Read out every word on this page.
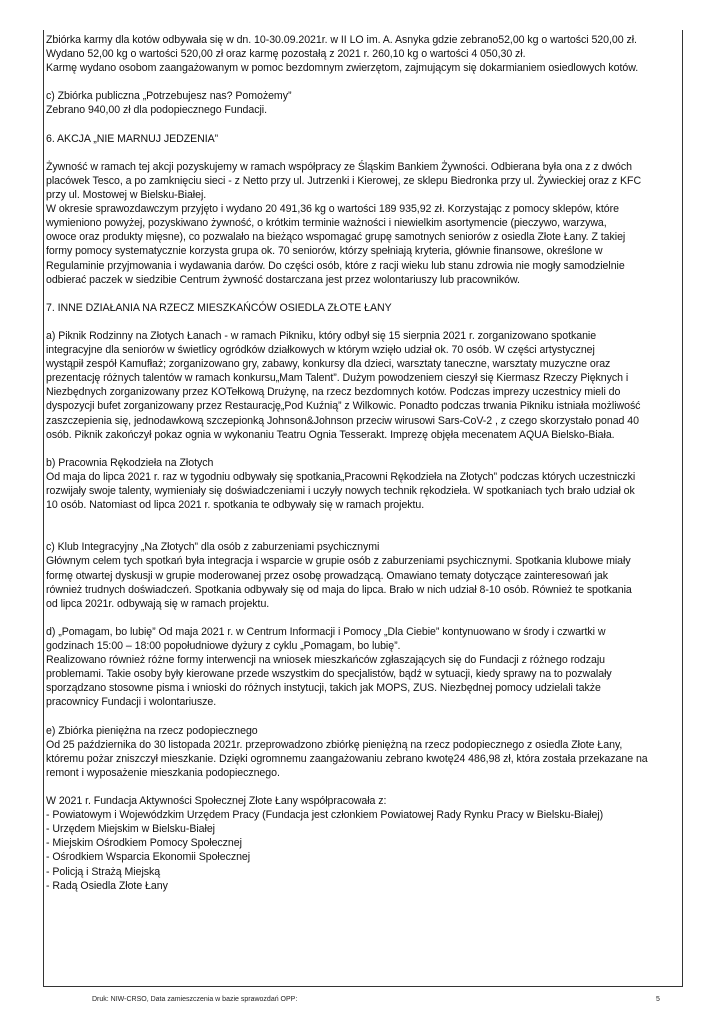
Zbiórka karmy dla kotów odbywała się w dn. 10-30.09.2021r. w II LO im. A. Asnyka gdzie zebrano52,00 kg o wartości 520,00 zł.

Wydano 52,00 kg o wartości 520,00 zł oraz karmę pozostałą z 2021 r. 260,10 kg o wartości 4 050,30 zł.

Karmę wydano osobom zaangażowanym w pomoc bezdomnym zwierzętom, zajmującym się dokarmianiem osiedlowych kotów.

c) Zbiórka publiczna „Potrzebujesz nas? Pomożemy”

Zebrano 940,00 zł dla podopiecznego Fundacji.

6. AKCJA „NIE MARNUJ JEDZENIA”

Żywność w ramach tej akcji pozyskujemy w ramach współpracy ze Śląskim Bankiem Żywności. Odbierana była ona z z dwóch

placówek Tesco, a po zamknięciu sieci - z Netto przy ul. Jutrzenki i Kierowej, ze sklepu Biedronka przy ul. Żywieckiej oraz z KFC

przy ul. Mostowej w Bielsku-Białej.

W okresie sprawozdawczym przyjęto i wydano 20 491,36 kg o wartości 189 935,92 zł. Korzystając z pomocy sklepów, które

wymieniono powyżej, pozyskiwano żywność, o krótkim terminie ważności i niewielkim asortymencie (pieczywo, warzywa,

owoce oraz produkty mięsne), co pozwalało na bieżąco wspomagać grupę samotnych seniorów z osiedla Złote Łany. Z takiej

formy pomocy systematycznie korzysta grupa ok. 70 seniorów, którzy spełniają kryteria, głównie finansowe, określone w

Regulaminie przyjmowania i wydawania darów. Do części osób, które z racji wieku lub stanu zdrowia nie mogły samodzielnie

odbierać paczek w siedzibie Centrum żywność dostarczana jest przez wolontariuszy lub pracowników.

7. INNE DZIAŁANIA NA RZECZ MIESZKAŃCÓW OSIEDLA ZŁOTE ŁANY

a) Piknik Rodzinny na Złotych Łanach - w ramach Pikniku, który odbył się 15 sierpnia 2021 r. zorganizowano spotkanie

integracyjne dla seniorów w świetlicy ogródków działkowych w którym wzięło udział ok. 70 osób. W części artystycznej

wystąpił zespół Kamufłaż; zorganizowano gry, zabawy, konkursy dla dzieci, warsztaty taneczne, warsztaty muzyczne oraz

prezentację różnych talentów w ramach konkursu„Mam Talent”. Dużym powodzeniem cieszył się Kiermasz Rzeczy Pięknych i

Niezbędnych zorganizowany przez KOTełkową Drużynę, na rzecz bezdomnych kotów. Podczas imprezy uczestnicy mieli do

dyspozycji bufet zorganizowany przez Restaurację„Pod Kuźnią” z Wilkowic. Ponadto podczas trwania Pikniku istniała możliwość

zaszczepienia się, jednodawkową szczepionką Johnson&Johnson przeciw wirusowi Sars-CoV-2 , z czego skorzystało ponad 40

osób. Piknik zakończył pokaz ognia w wykonaniu Teatru Ognia Tesserakt. Imprezę objęła mecenatem AQUA Bielsko-Biała.

b) Pracownia Rękodzieła na Złotych

Od maja do lipca 2021 r. raz w tygodniu odbywały się spotkania„Pracowni Rękodzieła na Złotych” podczas których uczestniczki

rozwijały swoje talenty, wymieniały się doświadczeniami i uczyły nowych technik rękodzieła. W spotkaniach tych brało udział ok

10 osób. Natomiast od lipca 2021 r. spotkania te odbywały się w ramach projektu.

c) Klub Integracyjny „Na Złotych” dla osób z zaburzeniami psychicznymi

Głównym celem tych spotkań była integracja i wsparcie w grupie osób z zaburzeniami psychicznymi. Spotkania klubowe miały

formę otwartej dyskusji w grupie moderowanej przez osobę prowadzącą. Omawiano tematy dotyczące zainteresowań jak

również trudnych doświadczeń. Spotkania odbywały się od maja do lipca. Brało w nich udział 8-10 osób. Również te spotkania

od lipca 2021r. odbywają się w ramach projektu.

d) „Pomagam, bo lubię” Od maja 2021 r. w Centrum Informacji i Pomocy „Dla Ciebie” kontynuowano w środy i czwartki w

godzinach 15:00 – 18:00 popołudniowe dyżury z cyklu „Pomagam, bo lubię”.

Realizowano również różne formy interwencji na wniosek mieszkańców zgłaszających się do Fundacji z różnego rodzaju

problemami. Takie osoby były kierowane przede wszystkim do specjalistów, bądź w sytuacji, kiedy sprawy na to pozwalały

sporządzano stosowne pisma i wnioski do różnych instytucji, takich jak MOPS, ZUS. Niezbędnej pomocy udzielali także

pracownicy Fundacji i wolontariusze.

e) Zbiórka pieniężna na rzecz podopiecznego

Od 25 października do 30 listopada 2021r. przeprowadzono zbiórkę pieniężną na rzecz podopiecznego z osiedla Złote Łany,

któremu pożar zniszczył mieszkanie. Dzięki ogromnemu zaangażowaniu zebrano kwotę24 486,98 zł, która została przekazane na

remont i wyposażenie mieszkania podopiecznego.

W 2021 r. Fundacja Aktywności Społecznej Złote Łany współpracowała z:

- Powiatowym i Wojewódzkim Urzędem Pracy (Fundacja jest członkiem Powiatowej Rady Rynku Pracy w Bielsku-Białej)

- Urzędem Miejskim w Bielsku-Białej

- Miejskim Ośrodkiem Pomocy Społecznej

- Ośrodkiem Wsparcia Ekonomii Społecznej

- Policją i Strażą Miejską

- Radą Osiedla Złote Łany

Druk: NIW-CRSO, Data zamieszczenia w bazie sprawozdań OPP:	5
